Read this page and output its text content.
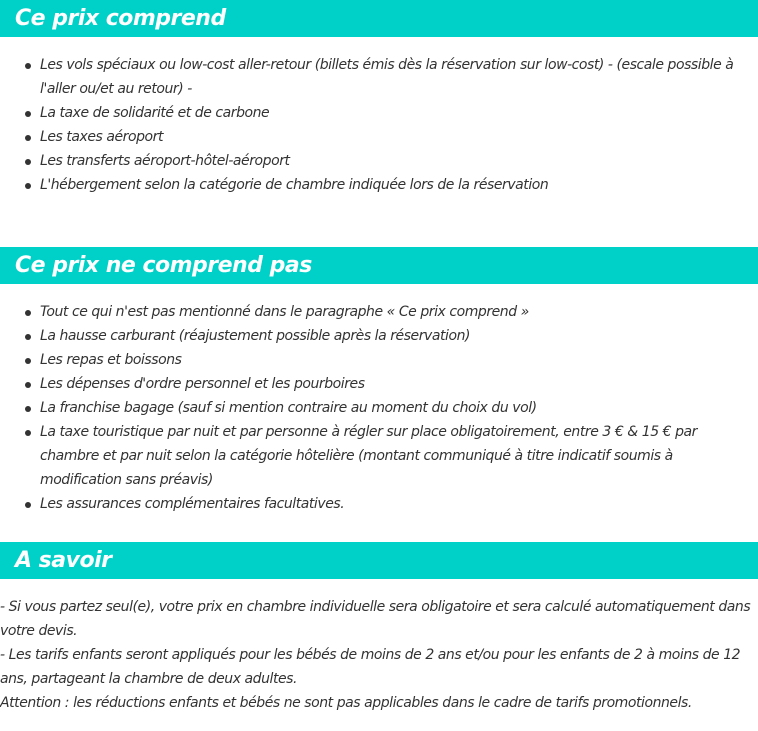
Ce prix comprend
Les vols spéciaux ou low-cost aller-retour (billets émis dès la réservation sur low-cost) - (escale possible à l'aller ou/et au retour) -
La taxe de solidarité et de carbone
Les taxes aéroport
Les transferts aéroport-hôtel-aéroport
L'hébergement selon la catégorie de chambre indiquée lors de la réservation
Ce prix ne comprend pas
Tout ce qui n'est pas mentionné dans le paragraphe « Ce prix comprend »
La hausse carburant (réajustement possible après la réservation)
Les repas et boissons
Les dépenses d'ordre personnel et les pourboires
La franchise bagage (sauf si mention contraire au moment du choix du vol)
La taxe touristique par nuit et par personne à régler sur place obligatoirement, entre 3 € & 15 € par chambre et par nuit selon la catégorie hôtelière (montant communiqué à titre indicatif soumis à modification sans préavis)
Les assurances complémentaires facultatives.
A savoir
- Si vous partez seul(e), votre prix en chambre individuelle sera obligatoire et sera calculé automatiquement dans votre devis.
- Les tarifs enfants seront appliqués pour les bébés de moins de 2 ans et/ou pour les enfants de 2 à moins de 12 ans, partageant la chambre de deux adultes.
Attention : les réductions enfants et bébés ne sont pas applicables dans le cadre de tarifs promotionnels.
